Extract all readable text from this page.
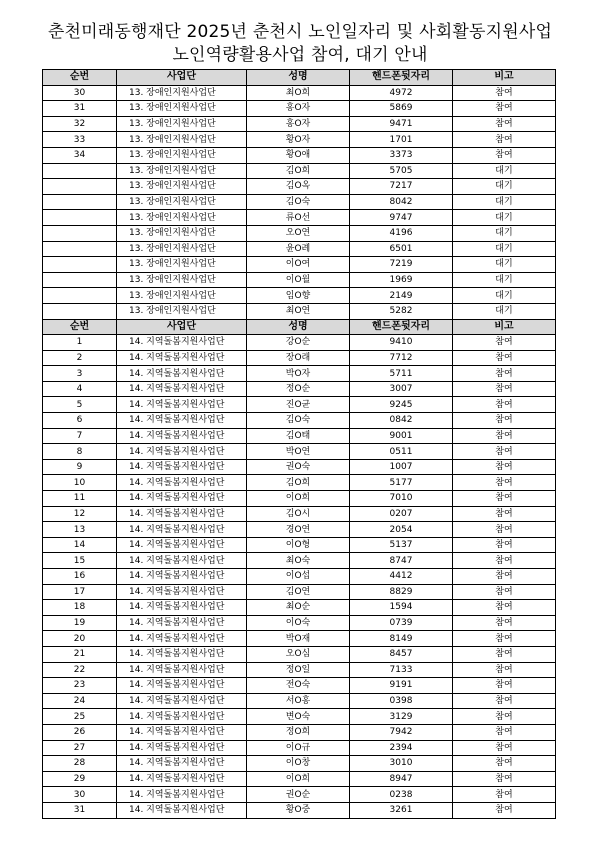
춘천미래동행재단 2025년 춘천시 노인일자리 및 사회활동지원사업
노인역량활용사업 참여, 대기 안내
순번	사업단	성명	핸드폰뒷자리	비고
30	13. 장애인지원사업단	최O희	4972	참여
31	13. 장애인지원사업단	홍O자	5869	참여
32	13. 장애인지원사업단	홍O자	9471	참여
33	13. 장애인지원사업단	황O자	1701	참여
34	13. 장애인지원사업단	황O애	3373	참여
	13. 장애인지원사업단	김O희	5705	대기
	13. 장애인지원사업단	김O옥	7217	대기
	13. 장애인지원사업단	김O숙	8042	대기
	13. 장애인지원사업단	류O선	9747	대기
	13. 장애인지원사업단	오O연	4196	대기
	13. 장애인지원사업단	윤O례	6501	대기
	13. 장애인지원사업단	이O여	7219	대기
	13. 장애인지원사업단	이O월	1969	대기
	13. 장애인지원사업단	임O향	2149	대기
	13. 장애인지원사업단	최O연	5282	대기
순번	사업단	성명	핸드폰뒷자리	비고
1	14. 지역돌봄지원사업단	강O순	9410	참여
2	14. 지역돌봄지원사업단	장O래	7712	참여
3	14. 지역돌봄지원사업단	박O자	5711	참여
4	14. 지역돌봄지원사업단	정O순	3007	참여
5	14. 지역돌봄지원사업단	진O균	9245	참여
6	14. 지역돌봄지원사업단	김O숙	0842	참여
7	14. 지역돌봄지원사업단	김O태	9001	참여
8	14. 지역돌봄지원사업단	박O연	0511	참여
9	14. 지역돌봄지원사업단	권O숙	1007	참여
10	14. 지역돌봄지원사업단	김O희	5177	참여
11	14. 지역돌봄지원사업단	이O희	7010	참여
12	14. 지역돌봄지원사업단	김O시	0207	참여
13	14. 지역돌봄지원사업단	경O연	2054	참여
14	14. 지역돌봄지원사업단	이O형	5137	참여
15	14. 지역돌봄지원사업단	최O숙	8747	참여
16	14. 지역돌봄지원사업단	이O섭	4412	참여
17	14. 지역돌봄지원사업단	김O연	8829	참여
18	14. 지역돌봄지원사업단	최O순	1594	참여
19	14. 지역돌봄지원사업단	이O숙	0739	참여
20	14. 지역돌봄지원사업단	박O재	8149	참여
21	14. 지역돌봄지원사업단	오O심	8457	참여
22	14. 지역돌봄지원사업단	정O일	7133	참여
23	14. 지역돌봄지원사업단	전O숙	9191	참여
24	14. 지역돌봄지원사업단	서O홍	0398	참여
25	14. 지역돌봄지원사업단	변O숙	3129	참여
26	14. 지역돌봄지원사업단	정O희	7942	참여
27	14. 지역돌봄지원사업단	이O규	2394	참여
28	14. 지역돌봄지원사업단	이O창	3010	참여
29	14. 지역돌봄지원사업단	이O희	8947	참여
30	14. 지역돌봄지원사업단	권O순	0238	참여
31	14. 지역돌봄지원사업단	황O중	3261	참여
